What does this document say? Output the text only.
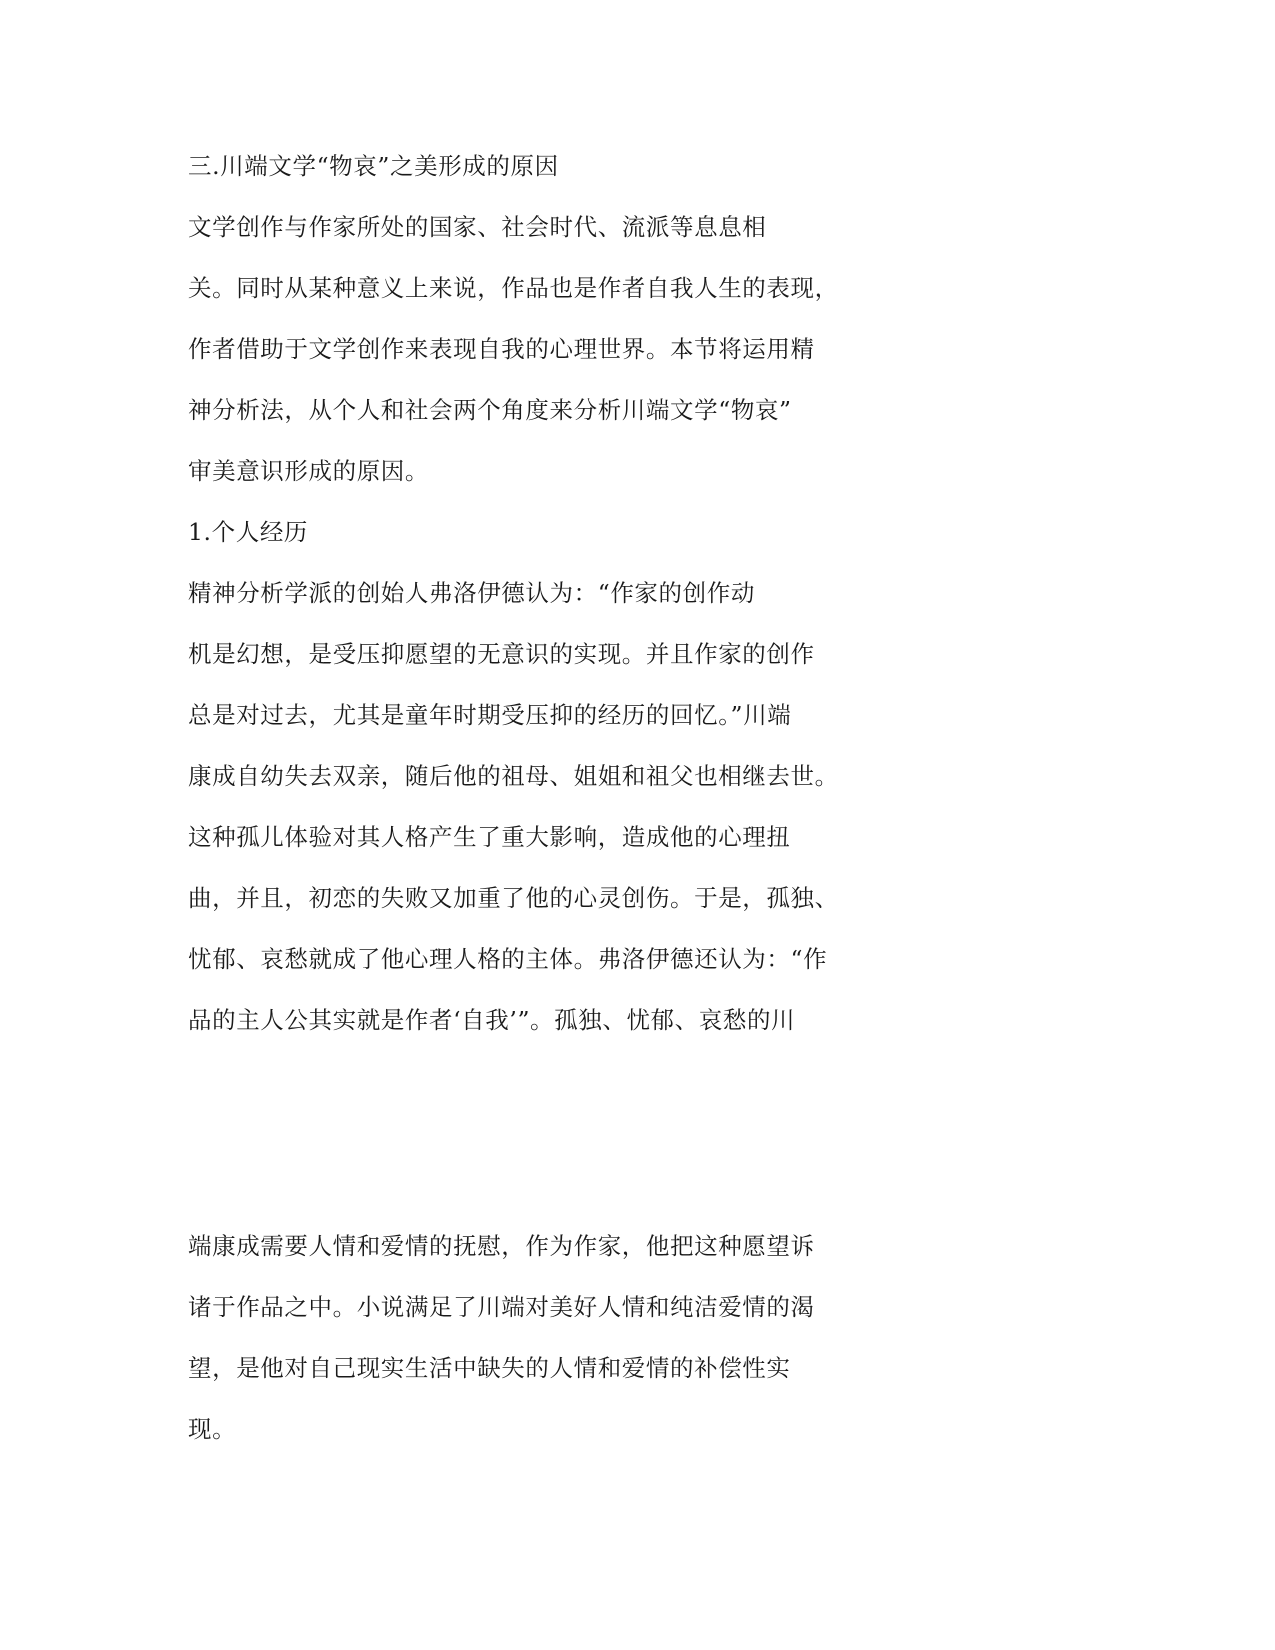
三.川端文学“物哀”之美形成的原因
文学创作与作家所处的国家、社会时代、流派等息息相
关。同时从某种意义上来说，作品也是作者自我人生的表现，
作者借助于文学创作来表现自我的心理世界。本节将运用精
神分析法，从个人和社会两个角度来分析川端文学“物哀”
审美意识形成的原因。
1.个人经历
精神分析学派的创始人弗洛伊德认为：“作家的创作动
机是幻想，是受压抑愿望的无意识的实现。并且作家的创作
总是对过去，尤其是童年时期受压抑的经历的回忆。”川端
康成自幼失去双亲，随后他的祖母、姐姐和祖父也相继去世。
这种孤儿体验对其人格产生了重大影响，造成他的心理扭
曲，并且，初恋的失败又加重了他的心灵创伤。于是，孤独、
忧郁、哀愁就成了他心理人格的主体。弗洛伊德还认为：“作
品的主人公其实就是作者‘自我’”。孤独、忧郁、哀愁的川
端康成需要人情和爱情的抚慰，作为作家，他把这种愿望诉
诸于作品之中。小说满足了川端对美好人情和纯洁爱情的渴
望，是他对自己现实生活中缺失的人情和爱情的补偿性实
现。
